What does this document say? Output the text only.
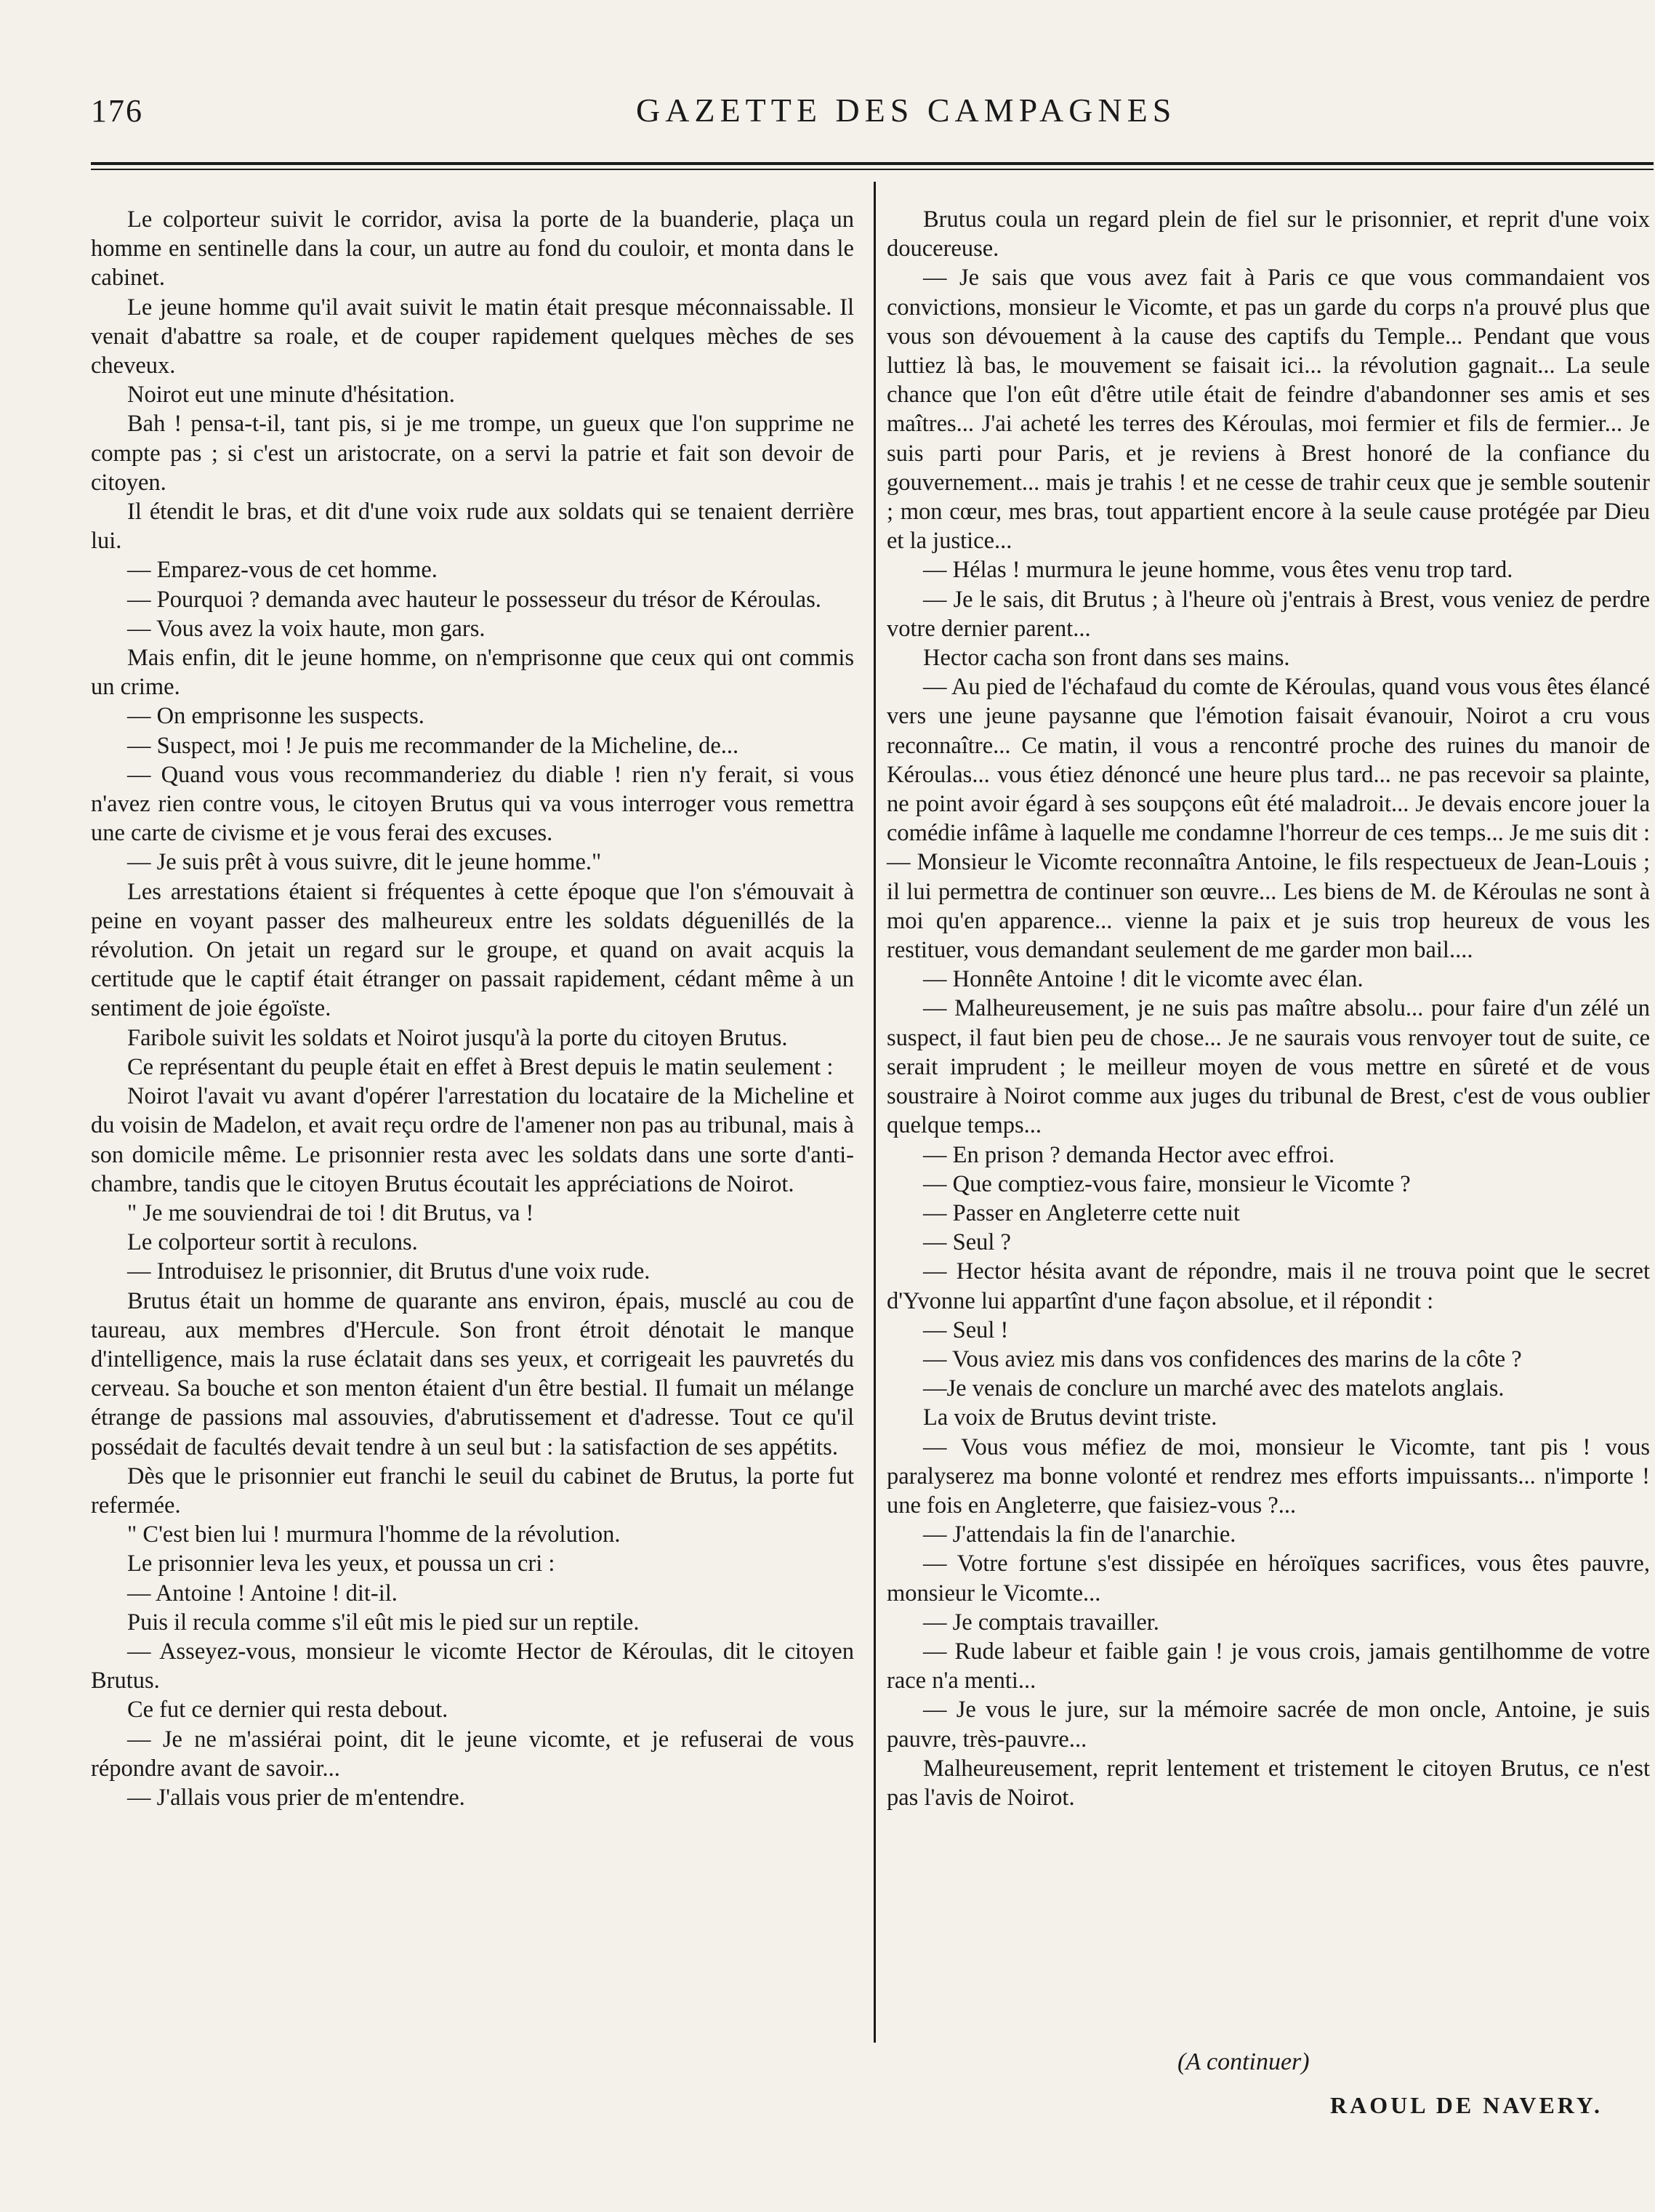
176	GAZETTE DES CAMPAGNES

Le colporteur suivit le corridor, avisa la porte de la buanderie, plaça un homme en sentinelle dans la cour, un autre au fond du couloir, et monta dans le cabinet.

Le jeune homme qu'il avait suivit le matin était presque méconnaissable. Il venait d'abattre sa roale, et de couper rapidement quelques mèches de ses cheveux.

Noirot eut une minute d'hésitation.

Bah ! pensa-t-il, tant pis, si je me trompe, un gueux que l'on supprime ne compte pas ; si c'est un aristocrate, on a servi la patrie et fait son devoir de citoyen.

Il étendit le bras, et dit d'une voix rude aux soldats qui se tenaient derrière lui.

— Emparez-vous de cet homme.

— Pourquoi ? demanda avec hauteur le possesseur du trésor de Kéroulas.

— Vous avez la voix haute, mon gars.

Mais enfin, dit le jeune homme, on n'emprisonne que ceux qui ont commis un crime.

— On emprisonne les suspects.

— Suspect, moi ! Je puis me recommander de la Micheline, de...

— Quand vous vous recommanderiez du diable ! rien n'y ferait, si vous n'avez rien contre vous, le citoyen Brutus qui va vous interroger vous remettra une carte de civisme et je vous ferai des excuses.

— Je suis prêt à vous suivre, dit le jeune homme."

Les arrestations étaient si fréquentes à cette époque que l'on s'émouvait à peine en voyant passer des malheureux entre les soldats déguenillés de la révolution. On jetait un regard sur le groupe, et quand on avait acquis la certitude que le captif était étranger on passait rapidement, cédant même à un sentiment de joie égoïste.

Faribole suivit les soldats et Noirot jusqu'à la porte du citoyen Brutus.

Ce représentant du peuple était en effet à Brest depuis le matin seulement :

Noirot l'avait vu avant d'opérer l'arrestation du locataire de la Micheline et du voisin de Madelon, et avait reçu ordre de l'amener non pas au tribunal, mais à son domicile même. Le prisonnier resta avec les soldats dans une sorte d'anti-chambre, tandis que le citoyen Brutus écoutait les appréciations de Noirot.

" Je me souviendrai de toi ! dit Brutus, va !

Le colporteur sortit à reculons.

— Introduisez le prisonnier, dit Brutus d'une voix rude.

Brutus était un homme de quarante ans environ, épais, musclé au cou de taureau, aux membres d'Hercule. Son front étroit dénotait le manque d'intelligence, mais la ruse éclatait dans ses yeux, et corrigeait les pauvretés du cerveau. Sa bouche et son menton étaient d'un être bestial. Il fumait un mélange étrange de passions mal assouvies, d'abrutissement et d'adresse. Tout ce qu'il possédait de facultés devait tendre à un seul but : la satisfaction de ses appétits.

Dès que le prisonnier eut franchi le seuil du cabinet de Brutus, la porte fut refermée.

" C'est bien lui ! murmura l'homme de la révolution.

Le prisonnier leva les yeux, et poussa un cri :

— Antoine ! Antoine ! dit-il.

Puis il recula comme s'il eût mis le pied sur un reptile.

— Asseyez-vous, monsieur le vicomte Hector de Kéroulas, dit le citoyen Brutus.

Ce fut ce dernier qui resta debout.

— Je ne m'assiérai point, dit le jeune vicomte, et je refuserai de vous répondre avant de savoir...

— J'allais vous prier de m'entendre.

Brutus coula un regard plein de fiel sur le prisonnier, et reprit d'une voix doucereuse.

— Je sais que vous avez fait à Paris ce que vous commandaient vos convictions, monsieur le Vicomte, et pas un garde du corps n'a prouvé plus que vous son dévouement à la cause des captifs du Temple... Pendant que vous luttiez là bas, le mouvement se faisait ici... la révolution gagnait... La seule chance que l'on eût d'être utile était de feindre d'abandonner ses amis et ses maîtres... J'ai acheté les terres des Kéroulas, moi fermier et fils de fermier... Je suis parti pour Paris, et je reviens à Brest honoré de la confiance du gouvernement... mais je trahis ! et ne cesse de trahir ceux que je semble soutenir ; mon cœur, mes bras, tout appartient encore à la seule cause protégée par Dieu et la justice...

— Hélas ! murmura le jeune homme, vous êtes venu trop tard.

— Je le sais, dit Brutus ; à l'heure où j'entrais à Brest, vous veniez de perdre votre dernier parent...

Hector cacha son front dans ses mains.

— Au pied de l'échafaud du comte de Kéroulas, quand vous vous êtes élancé vers une jeune paysanne que l'émotion faisait évanouir, Noirot a cru vous reconnaître... Ce matin, il vous a rencontré proche des ruines du manoir de Kéroulas... vous étiez dénoncé une heure plus tard... ne pas recevoir sa plainte, ne point avoir égard à ses soupçons eût été maladroit... Je devais encore jouer la comédie infâme à laquelle me condamne l'horreur de ces temps... Je me suis dit : — Monsieur le Vicomte reconnaîtra Antoine, le fils respectueux de Jean-Louis ; il lui permettra de continuer son œuvre... Les biens de M. de Kéroulas ne sont à moi qu'en apparence... vienne la paix et je suis trop heureux de vous les restituer, vous demandant seulement de me garder mon bail....

— Honnête Antoine ! dit le vicomte avec élan.

— Malheureusement, je ne suis pas maître absolu... pour faire d'un zélé un suspect, il faut bien peu de chose... Je ne saurais vous renvoyer tout de suite, ce serait imprudent ; le meilleur moyen de vous mettre en sûreté et de vous soustraire à Noirot comme aux juges du tribunal de Brest, c'est de vous oublier quelque temps...

— En prison ? demanda Hector avec effroi.

— Que comptiez-vous faire, monsieur le Vicomte ?

— Passer en Angleterre cette nuit

— Seul ?

— Hector hésita avant de répondre, mais il ne trouva point que le secret d'Yvonne lui appartînt d'une façon absolue, et il répondit :

— Seul !

— Vous aviez mis dans vos confidences des marins de la côte ?

—Je venais de conclure un marché avec des matelots anglais.

La voix de Brutus devint triste.

— Vous vous méfiez de moi, monsieur le Vicomte, tant pis ! vous paralyserez ma bonne volonté et rendrez mes efforts impuissants... n'importe ! une fois en Angleterre, que faisiez-vous ?...

— J'attendais la fin de l'anarchie.

— Votre fortune s'est dissipée en héroïques sacrifices, vous êtes pauvre, monsieur le Vicomte...

— Je comptais travailler.

— Rude labeur et faible gain ! je vous crois, jamais gentilhomme de votre race n'a menti...

— Je vous le jure, sur la mémoire sacrée de mon oncle, Antoine, je suis pauvre, très-pauvre...

Malheureusement, reprit lentement et tristement le citoyen Brutus, ce n'est pas l'avis de Noirot.

(A continuer)
RAOUL DE NAVERY.
